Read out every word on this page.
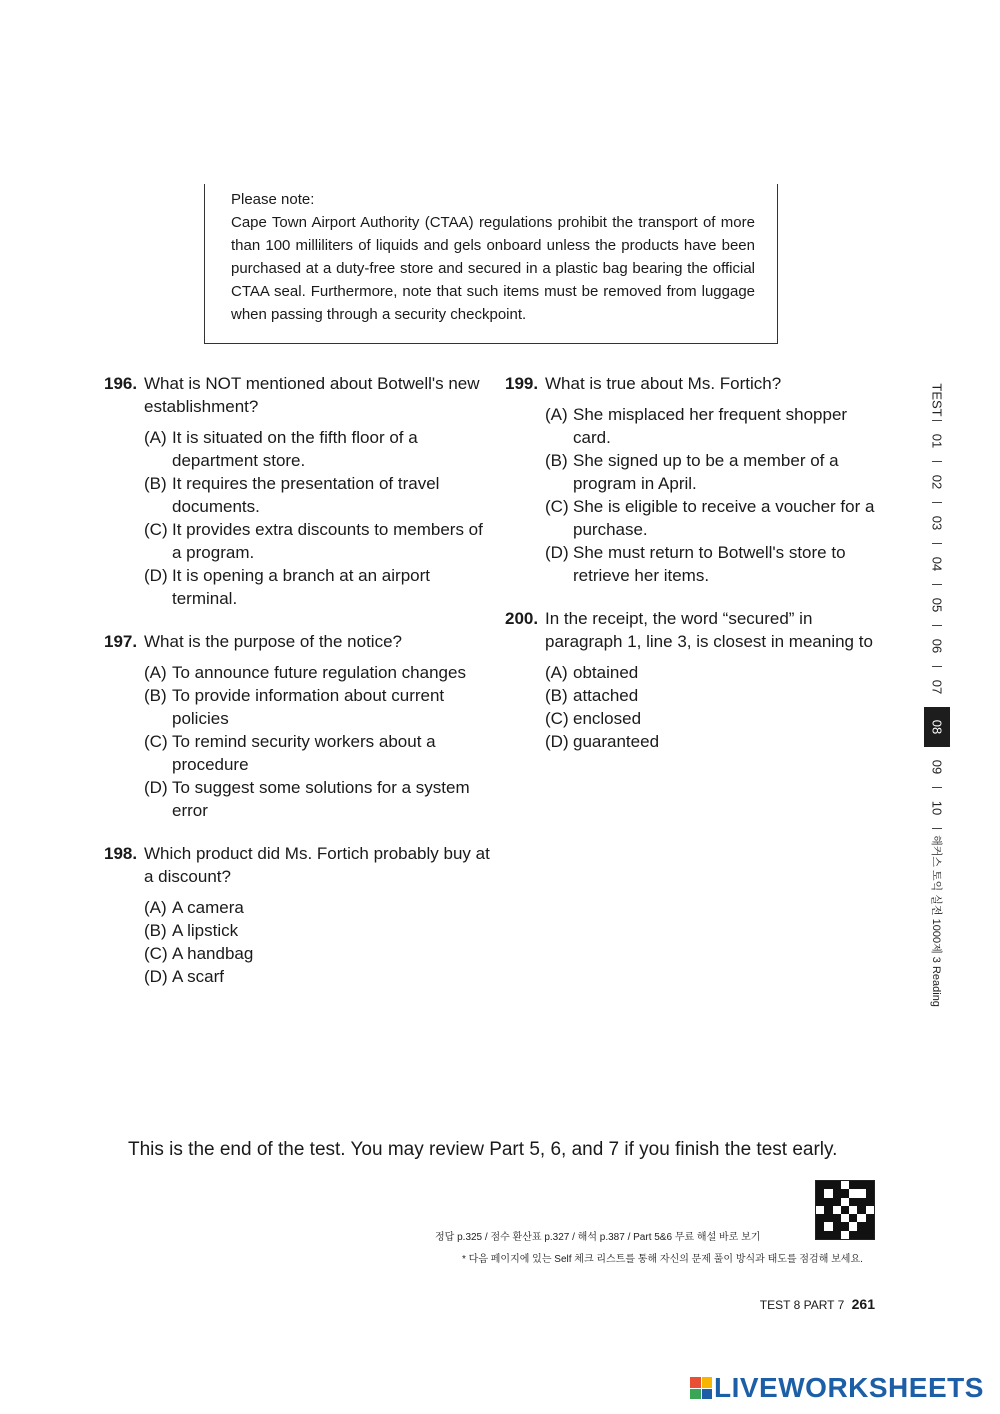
Please note:

Cape Town Airport Authority (CTAA) regulations prohibit the transport of more than 100 milliliters of liquids and gels onboard unless the products have been purchased at a duty-free store and secured in a plastic bag bearing the official CTAA seal. Furthermore, note that such items must be removed from luggage when passing through a security checkpoint.

196. What is NOT mentioned about Botwell's new establishment?

(A) It is situated on the fifth floor of a department store.
(B) It requires the presentation of travel documents.
(C) It provides extra discounts to members of a program.
(D) It is opening a branch at an airport terminal.
197. What is the purpose of the notice?

(A) To announce future regulation changes
(B) To provide information about current policies
(C) To remind security workers about a procedure
(D) To suggest some solutions for a system error
198. Which product did Ms. Fortich probably buy at a discount?

(A) A camera
(B) A lipstick
(C) A handbag
(D) A scarf
199. What is true about Ms. Fortich?

(A) She misplaced her frequent shopper card.
(B) She signed up to be a member of a program in April.
(C) She is eligible to receive a voucher for a purchase.
(D) She must return to Botwell's store to retrieve her items.
200. In the receipt, the word “secured” in paragraph 1, line 3, is closest in meaning to

(A) obtained
(B) attached
(C) enclosed
(D) guaranteed
TEST
01
02
03
04
05
06
07
08
09
10
해커스 토익 실전 1000제 3 Reading
This is the end of the test. You may review Part 5, 6, and 7 if you finish the test early.
정답 p.325 / 점수 환산표 p.327 / 해석 p.387 / Part 5&6 무료 해설 바로 보기
* 다음 페이지에 있는 Self 체크 리스트를 통해 자신의 문제 풀이 방식과 태도를 점검해 보세요.
TEST 8 PART 7 261
LIVEWORKSHEETS
